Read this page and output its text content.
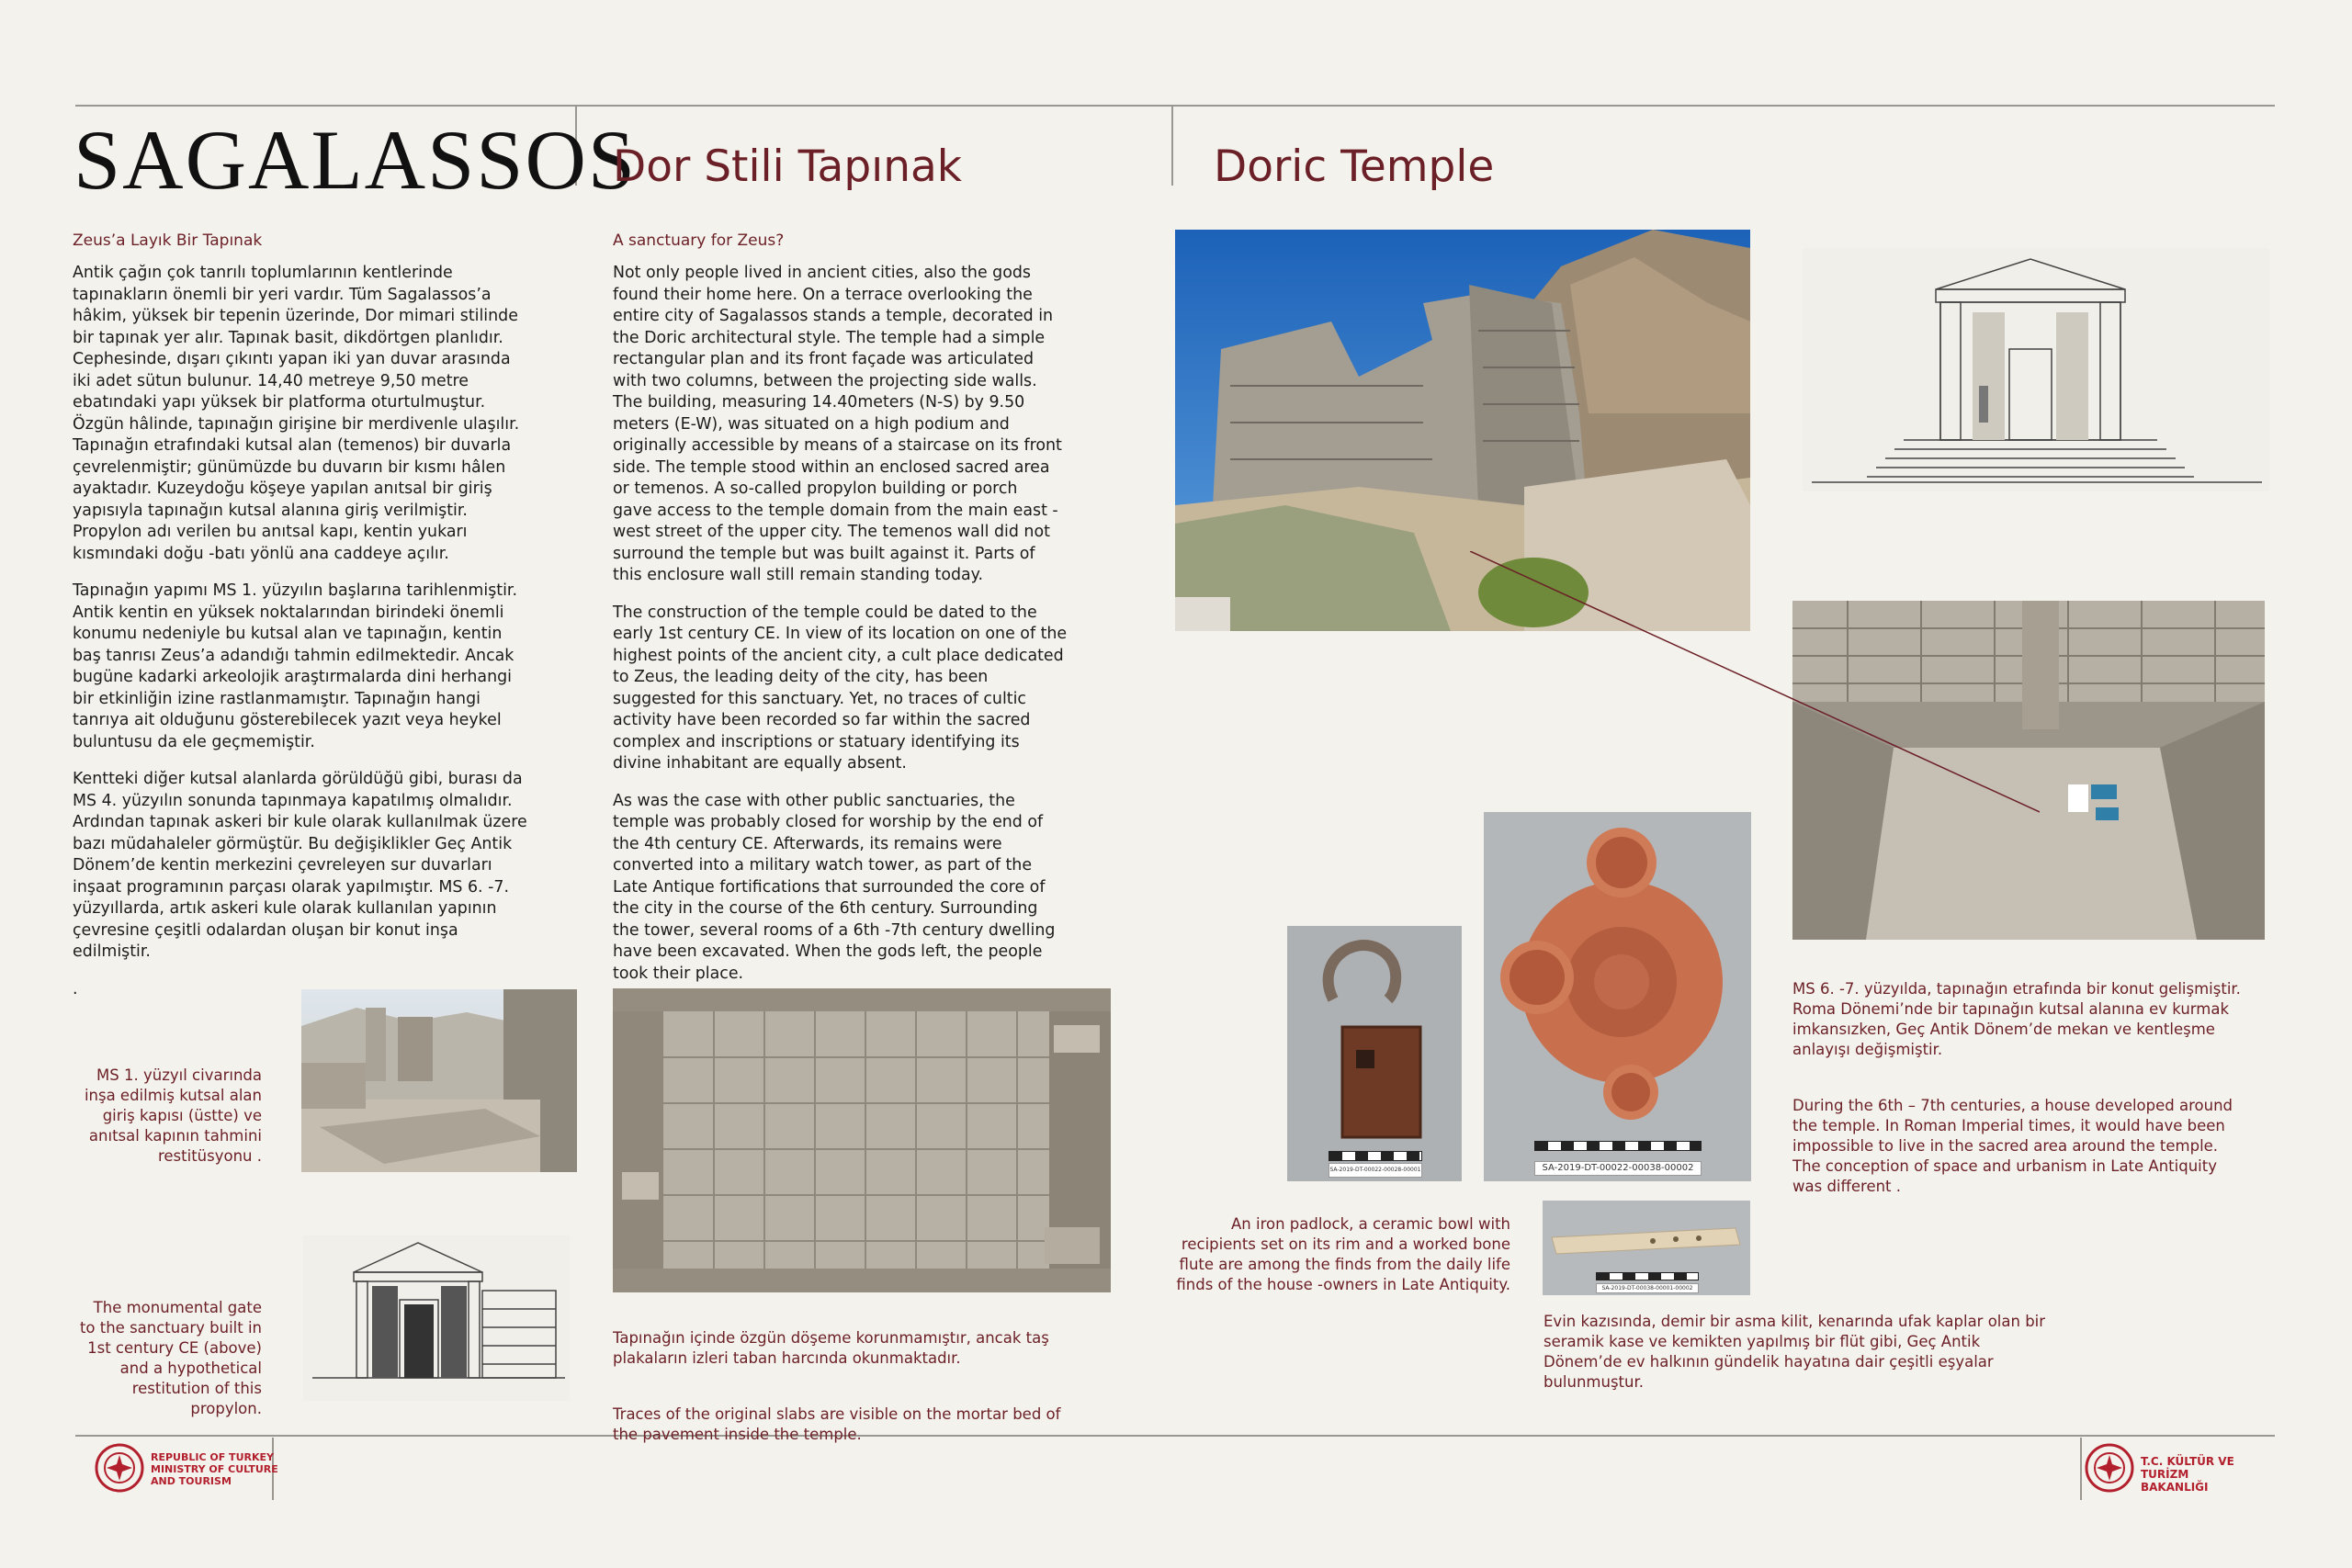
SAGALASSOS
Dor Stili Tapınak	Doric Temple
Zeus’a Layık Bir Tapınak

Antik çağın çok tanrılı toplumlarının kentlerinde
tapınakların önemli bir yeri vardır. Tüm Sagalassos’a
hâkim, yüksek bir tepenin üzerinde, Dor mimari stilinde
bir tapınak yer alır. Tapınak basit, dikdörtgen planlıdır.
Cephesinde, dışarı çıkıntı yapan iki yan duvar arasında
iki adet sütun bulunur. 14,40 metreye 9,50 metre
ebatındaki yapı yüksek bir platforma oturtulmuştur.
Özgün hâlinde, tapınağın girişine bir merdivenle ulaşılır.
Tapınağın etrafındaki kutsal alan (temenos) bir duvarla
çevrelenmiştir; günümüzde bu duvarın bir kısmı hâlen
ayaktadır. Kuzeydoğu köşeye yapılan anıtsal bir giriş
yapısıyla tapınağın kutsal alanına giriş verilmiştir.
Propylon adı verilen bu anıtsal kapı, kentin yukarı
kısmındaki doğu -batı yönlü ana caddeye açılır.

Tapınağın yapımı MS 1. yüzyılın başlarına tarihlenmiştir.
Antik kentin en yüksek noktalarından birindeki önemli
konumu nedeniyle bu kutsal alan ve tapınağın, kentin
baş tanrısı Zeus’a adandığı tahmin edilmektedir. Ancak
bugüne kadarki arkeolojik araştırmalarda dini herhangi
bir etkinliğin izine rastlanmamıştır. Tapınağın hangi
tanrıya ait olduğunu gösterebilecek yazıt veya heykel
buluntusu da ele geçmemiştir.

Kentteki diğer kutsal alanlarda görüldüğü gibi, burası da
MS 4. yüzyılın sonunda tapınmaya kapatılmış olmalıdır.
Ardından tapınak askeri bir kule olarak kullanılmak üzere
bazı müdahaleler görmüştür. Bu değişiklikler Geç Antik
Dönem’de kentin merkezini çevreleyen sur duvarları
inşaat programının parçası olarak yapılmıştır. MS 6. -7.
yüzyıllarda, artık askeri kule olarak kullanılan yapının
çevresine çeşitli odalardan oluşan bir konut inşa
edilmiştir.

.

A sanctuary for Zeus?

Not only people lived in ancient cities, also the gods
found their home here. On a terrace overlooking the
entire city of Sagalassos stands a temple, decorated in
the Doric architectural style. The temple had a simple
rectangular plan and its front façade was articulated
with two columns, between the projecting side walls.
The building, measuring 14.40meters (N-S) by 9.50
meters (E-W), was situated on a high podium and
originally accessible by means of a staircase on its front
side. The temple stood within an enclosed sacred area
or temenos. A so-called propylon building or porch
gave access to the temple domain from the main east -
west street of the upper city. The temenos wall did not
surround the temple but was built against it. Parts of
this enclosure wall still remain standing today.

The construction of the temple could be dated to the
early 1st century CE. In view of its location on one of the
highest points of the ancient city, a cult place dedicated
to Zeus, the leading deity of the city, has been
suggested for this sanctuary. Yet, no traces of cultic
activity have been recorded so far within the sacred
complex and inscriptions or statuary identifying its
divine inhabitant are equally absent.

As was the case with other public sanctuaries, the
temple was probably closed for worship by the end of
the 4th century CE. Afterwards, its remains were
converted into a military watch tower, as part of the
Late Antique fortifications that surrounded the core of
the city in the course of the 6th century. Surrounding
the tower, several rooms of a 6th -7th century dwelling
have been excavated. When the gods left, the people
took their place.

MS 1. yüzyıl civarında
inşa edilmiş kutsal alan
giriş kapısı (üstte) ve
anıtsal kapının tahmini
restitüsyonu .

The monumental gate
to the sanctuary built in
1st century CE (above)
and a hypothetical
restitution of this
propylon.

Tapınağın içinde özgün döşeme korunmamıştır, ancak taş
plakaların izleri taban harcında okunmaktadır.

Traces of the original slabs are visible on the mortar bed of
the pavement inside the temple.

MS 6. -7. yüzyılda, tapınağın etrafında bir konut gelişmiştir.
Roma Dönemi’nde bir tapınağın kutsal alanına ev kurmak
imkansızken, Geç Antik Dönem’de mekan ve kentleşme
anlayışı değişmiştir.

During the 6th – 7th centuries, a house developed around
the temple. In Roman Imperial times, it would have been
impossible to live in the sacred area around the temple.
The conception of space and urbanism in Late Antiquity
was different .

SA-2019-DT-00022-00028-00001	SA-2019-DT-00022-00038-00002
SA-2019-DT-00038-00001-00002
An iron padlock, a ceramic bowl with
recipients set on its rim and a worked bone
flute are among the finds from the daily life
finds of the house -owners in Late Antiquity.
Evin kazısında, demir bir asma kilit, kenarında ufak kaplar olan bir
seramik kase ve kemikten yapılmış bir flüt gibi, Geç Antik
Dönem’de ev halkının gündelik hayatına dair çeşitli eşyalar
bulunmuştur.
REPUBLIC OF TURKEY
MINISTRY OF CULTURE
AND TOURISM
T.C. KÜLTÜR VE TURİZM
BAKANLIĞI
